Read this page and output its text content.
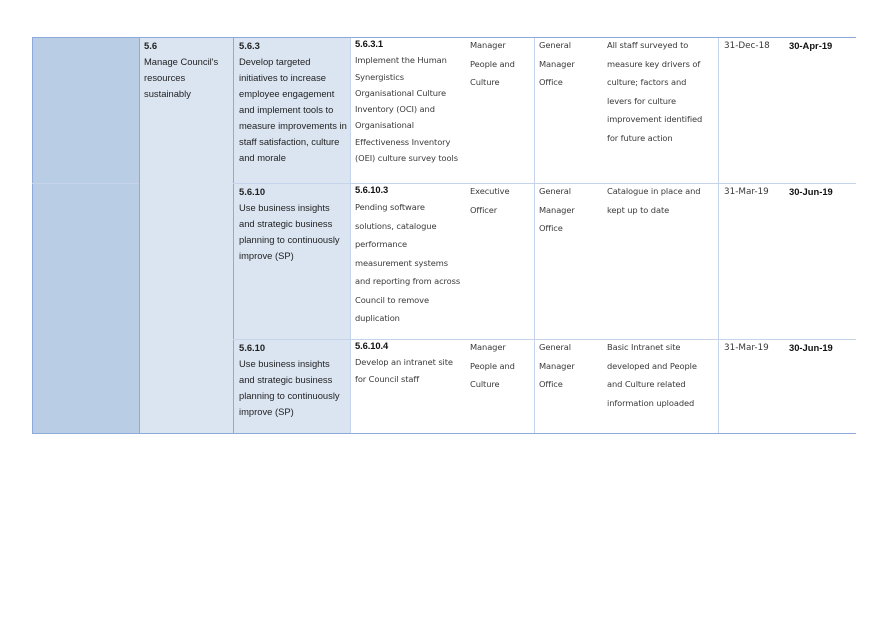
5.6
Manage Council's resources sustainably
5.6.3
Develop targeted initiatives to increase employee engagement and implement tools to measure improvements in staff satisfaction, culture and morale
5.6.3.1
Implement the Human Synergistics Organisational Culture Inventory (OCI) and Organisational Effectiveness Inventory (OEI) culture survey tools
Manager People and Culture
General Manager Office
All staff surveyed to measure key drivers of culture; factors and levers for culture improvement identified for future action
31-Dec-18 30-Apr-19
5.6.10
Use business insights and strategic business planning to continuously improve (SP)
5.6.10.3
Pending software solutions, catalogue performance measurement systems and reporting from across Council to remove duplication
Executive Officer
General Manager Office
Catalogue in place and kept up to date
31-Mar-19 30-Jun-19
5.6.10
Use business insights and strategic business planning to continuously improve (SP)
5.6.10.4
Develop an intranet site for Council staff
Manager People and Culture
General Manager Office
Basic Intranet site developed and People and Culture related information uploaded
31-Mar-19 30-Jun-19
